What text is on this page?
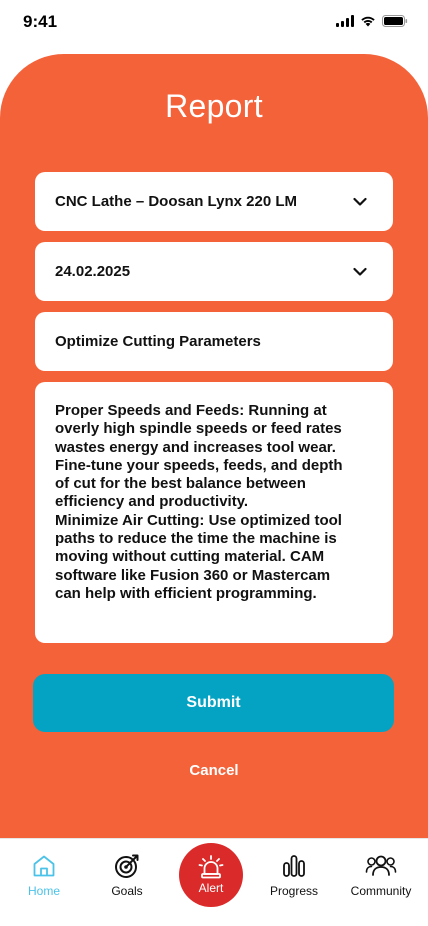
9:41
Report
CNC Lathe – Doosan Lynx 220 LM
24.02.2025
Optimize Cutting Parameters
Proper Speeds and Feeds: Running at
overly high spindle speeds or feed rates
wastes energy and increases tool wear.
Fine-tune your speeds, feeds, and depth
of cut for the best balance between
efficiency and productivity.
Minimize Air Cutting: Use optimized tool
paths to reduce the time the machine is
moving without cutting material. CAM
software like Fusion 360 or Mastercam
can help with efficient programming.
Submit
Cancel
Home	Goals	Progress	Community
Alert
